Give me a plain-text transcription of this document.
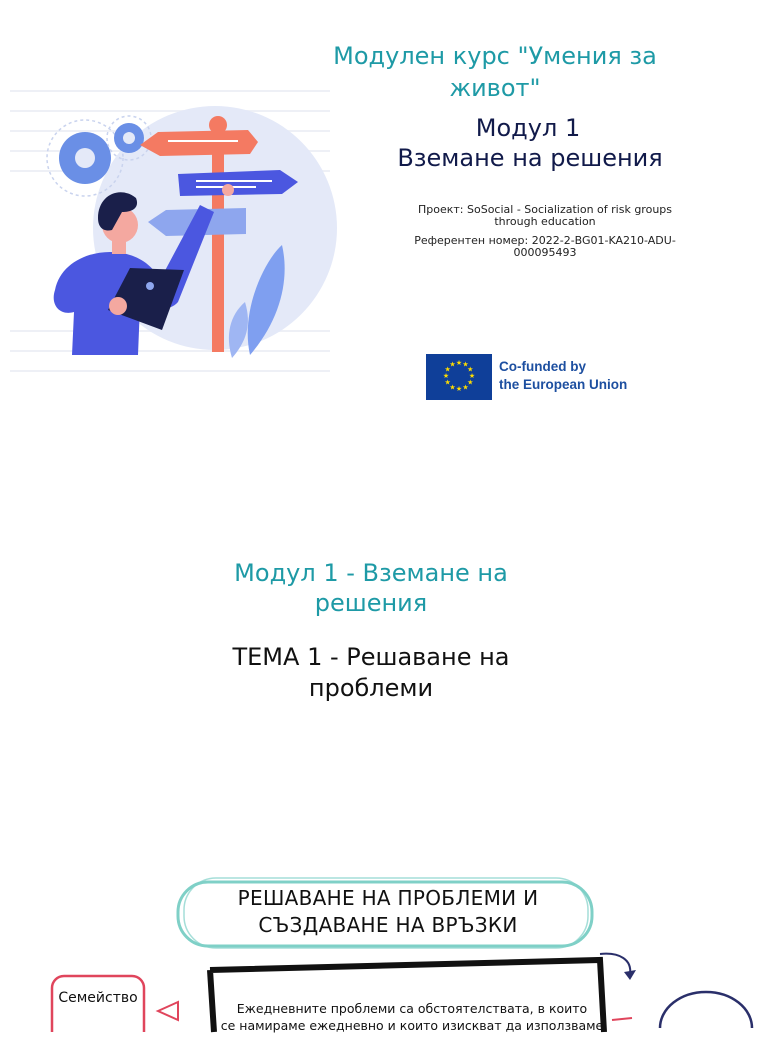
Модулен курс "Умения за живот"
Модул 1
Вземане на решения
Проект: SoSocial - Socialization of risk groups through education
Референтен номер: 2022-2-BG01-KA210-ADU-000095493
★ ★
★
★
★
★
★
★
★
★
★
★	Co-funded by
the European Union
Модул 1 - Вземане на решения
ТЕМА 1 - Решаване на проблеми
РЕШАВАНЕ НА ПРОБЛЕМИ И СЪЗДАВАНЕ НА ВРЪЗКИ
Ежедневните проблеми са обстоятелствата, в които
се намираме ежедневно и които изискват да използваме
Семейство
